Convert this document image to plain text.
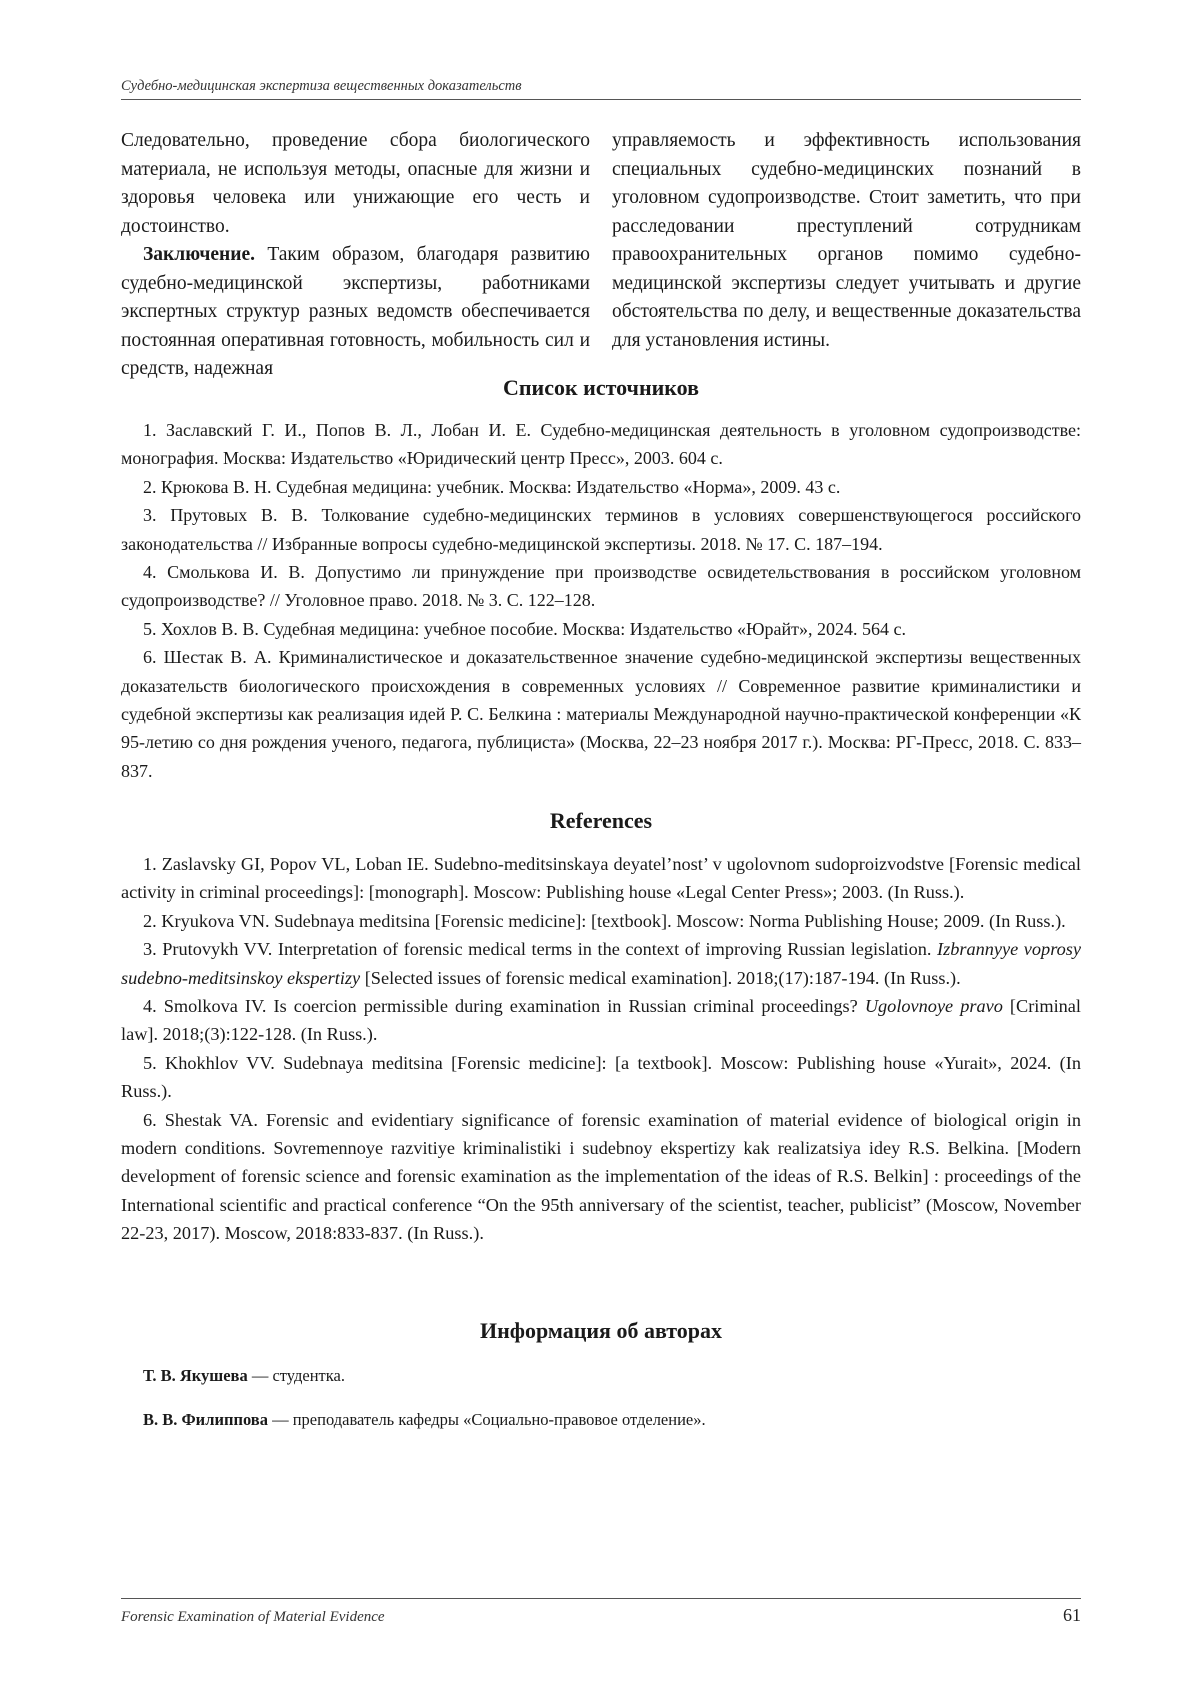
Судебно-медицинская экспертиза вещественных доказательств

Следовательно, проведение сбора биологического материала, не используя методы, опасные для жизни и здоровья человека или унижающие его честь и достоинство.

Заключение. Таким образом, благодаря развитию судебно-медицинской экспертизы, работниками экспертных структур разных ведомств обеспечивается постоянная оперативная готовность, мобильность сил и средств, надежная

управляемость и эффективность использования специальных судебно-медицинских познаний в уголовном судопроизводстве. Стоит заметить, что при расследовании преступлений сотрудникам правоохранительных органов помимо судебно-медицинской экспертизы следует учитывать и другие обстоятельства по делу, и вещественные доказательства для установления истины.

Список источников

1. Заславский Г. И., Попов В. Л., Лобан И. Е. Судебно-медицинская деятельность в уголовном судопроизводстве: монография. Москва: Издательство «Юридический центр Пресс», 2003. 604 с.

2. Крюкова В. Н. Судебная медицина: учебник. Москва: Издательство «Норма», 2009. 43 с.

3. Прутовых В. В. Толкование судебно-медицинских терминов в условиях совершенствующегося российского законодательства // Избранные вопросы судебно-медицинской экспертизы. 2018. № 17. С. 187–194.

4. Смолькова И. В. Допустимо ли принуждение при производстве освидетельствования в российском уголовном судопроизводстве? // Уголовное право. 2018. № 3. С. 122–128.

5. Хохлов В. В. Судебная медицина: учебное пособие. Москва: Издательство «Юрайт», 2024. 564 с.

6. Шестак В. А. Криминалистическое и доказательственное значение судебно-медицинской экспертизы вещественных доказательств биологического происхождения в современных условиях // Современное развитие криминалистики и судебной экспертизы как реализация идей Р. С. Белкина : материалы Международной научно-практической конференции «К 95-летию со дня рождения ученого, педагога, публициста» (Москва, 22–23 ноября 2017 г.). Москва: РГ-Пресс, 2018. С. 833–837.

References

1. Zaslavsky GI, Popov VL, Loban IE. Sudebno-meditsinskaya deyatel’nost’ v ugolovnom sudoproizvodstve [Forensic medical activity in criminal proceedings]: [monograph]. Moscow: Publishing house «Legal Center Press»; 2003. (In Russ.).

2. Kryukova VN. Sudebnaya meditsina [Forensic medicine]: [textbook]. Moscow: Norma Publishing House; 2009. (In Russ.).

3. Prutovykh VV. Interpretation of forensic medical terms in the context of improving Russian legislation. Izbrannyye voprosy sudebno-meditsinskoy ekspertizy [Selected issues of forensic medical examination]. 2018;(17):187-194. (In Russ.).

4. Smolkova IV. Is coercion permissible during examination in Russian criminal proceedings? Ugolovnoye pravo [Criminal law]. 2018;(3):122-128. (In Russ.).

5. Khokhlov VV. Sudebnaya meditsina [Forensic medicine]: [a textbook]. Moscow: Publishing house «Yurait», 2024. (In Russ.).

6. Shestak VA. Forensic and evidentiary significance of forensic examination of material evidence of biological origin in modern conditions. Sovremennoye razvitiye kriminalistiki i sudebnoy ekspertizy kak realizatsiya idey R.S. Belkina. [Modern development of forensic science and forensic examination as the implementation of the ideas of R.S. Belkin] : proceedings of the International scientific and practical conference “On the 95th anniversary of the scientist, teacher, publicist” (Moscow, November 22-23, 2017). Moscow, 2018:833-837. (In Russ.).

Информация об авторах

Т. В. Якушева — студентка.

В. В. Филиппова — преподаватель кафедры «Социально-правовое отделение».

Forensic Examination of Material Evidence	61
